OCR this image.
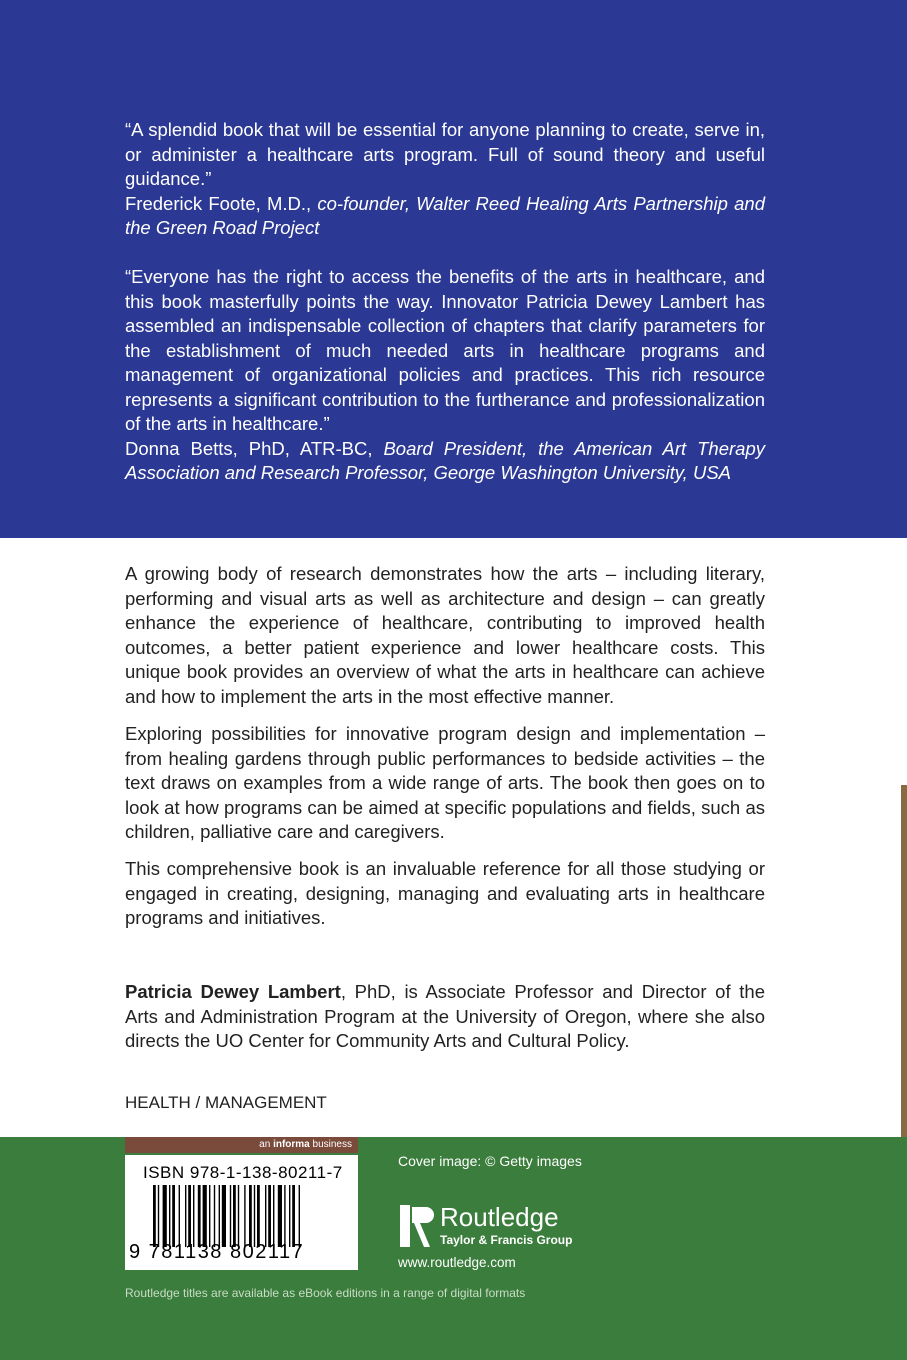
“A splendid book that will be essential for anyone planning to create, serve in, or administer a healthcare arts program. Full of sound theory and useful guidance.”

Frederick Foote, M.D., co-founder, Walter Reed Healing Arts Partnership and the Green Road Project

“Everyone has the right to access the benefits of the arts in healthcare, and this book masterfully points the way. Innovator Patricia Dewey Lambert has assembled an indispensable collection of chapters that clarify parameters for the establishment of much needed arts in healthcare programs and management of organizational policies and practices. This rich resource represents a significant contribution to the furtherance and professionalization of the arts in healthcare.”

Donna Betts, PhD, ATR-BC, Board President, the American Art Therapy Association and Research Professor, George Washington University, USA

A growing body of research demonstrates how the arts – including literary, performing and visual arts as well as architecture and design – can greatly enhance the experience of healthcare, contributing to improved health outcomes, a better patient experience and lower healthcare costs. This unique book provides an overview of what the arts in healthcare can achieve and how to implement the arts in the most effective manner.

Exploring possibilities for innovative program design and implementation – from healing gardens through public performances to bedside activities – the text draws on examples from a wide range of arts. The book then goes on to look at how programs can be aimed at specific populations and fields, such as children, palliative care and caregivers.

This comprehensive book is an invaluable reference for all those studying or engaged in creating, designing, managing and evaluating arts in healthcare programs and initiatives.

Patricia Dewey Lambert, PhD, is Associate Professor and Director of the Arts and Administration Program at the University of Oregon, where she also directs the UO Center for Community Arts and Cultural Policy.

HEALTH / MANAGEMENT
an informa business
ISBN 978-1-138-80211-7
9 781138 802117
Cover image: © Getty images
Routledge
Taylor & Francis Group
www.routledge.com
Routledge titles are available as eBook editions in a range of digital formats
